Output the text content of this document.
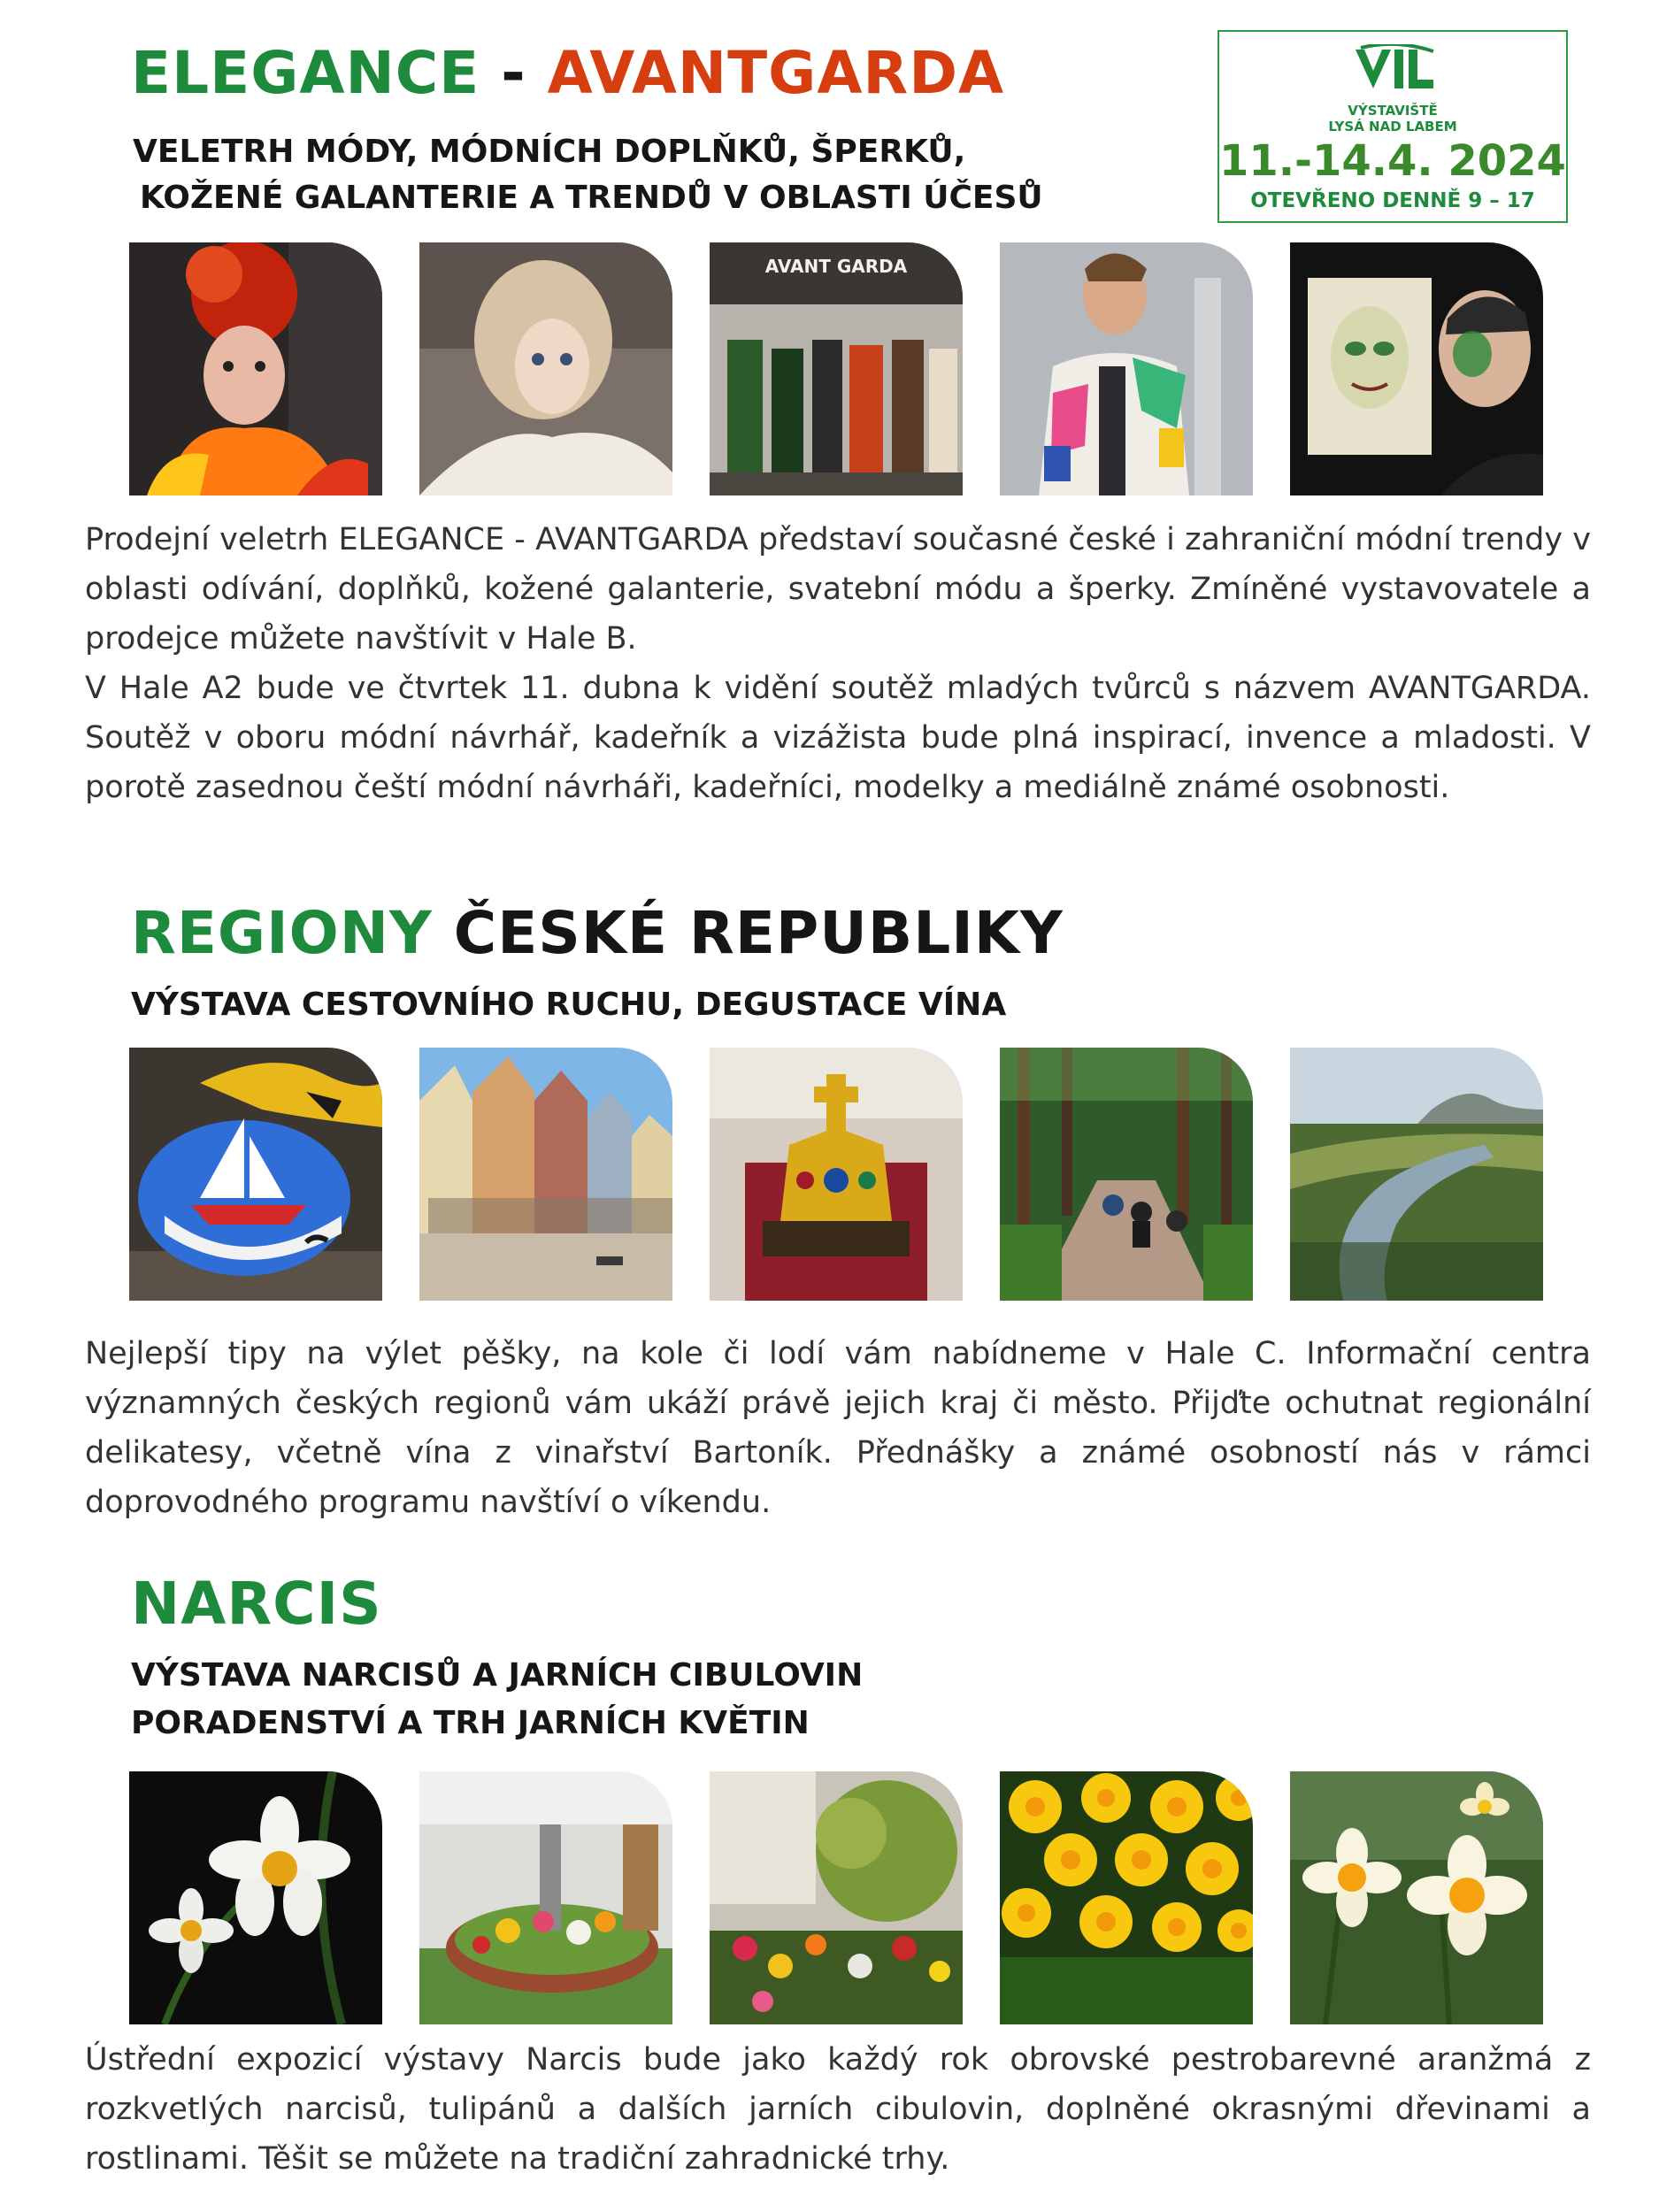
VÝSTAVIŠTĚ
LYSÁ NAD LABEM
11.-14.4. 2024
OTEVŘENO DENNĚ 9 – 17
ELEGANCE - AVANTGARDA
VELETRH MÓDY, MÓDNÍCH DOPLŇKŮ, ŠPERKŮ,
KOŽENÉ GALANTERIE A TRENDŮ V OBLASTI ÚČESŮ
AVANT GARDA

Prodejní veletrh ELEGANCE - AVANTGARDA představí současné české i zahraniční módní trendy v oblasti odívání, doplňků, kožené galanterie, svatební módu a šperky. Zmíněné vystavovatele a prodejce můžete navštívit v Hale B.

V Hale A2 bude ve čtvrtek 11. dubna k vidění soutěž mladých tvůrců s názvem AVANTGARDA. Soutěž v oboru módní návrhář, kadeřník a vizážista bude plná inspirací, invence a mladosti. V porotě zasednou čeští módní návrháři, kadeřníci, modelky a mediálně známé osobnosti.

REGIONY ČESKÉ REPUBLIKY
VÝSTAVA CESTOVNÍHO RUCHU, DEGUSTACE VÍNA

Nejlepší tipy na výlet pěšky, na kole či lodí vám nabídneme v Hale C. Informační centra významných českých regionů vám ukáží právě jejich kraj či město. Přijďte ochutnat regionální delikatesy, včetně vína z vinařství Bartoník. Přednášky a známé osobností nás v rámci doprovodného programu navštíví o víkendu.

NARCIS
VÝSTAVA NARCISŮ A JARNÍCH CIBULOVIN
PORADENSTVÍ A TRH JARNÍCH KVĚTIN

Ústřední expozicí výstavy Narcis bude jako každý rok obrovské pestrobarevné aranžmá z rozkvetlých narcisů, tulipánů a dalších jarních cibulovin, doplněné okrasnými dřevinami a rostlinami. Těšit se můžete na tradiční zahradnické trhy.
